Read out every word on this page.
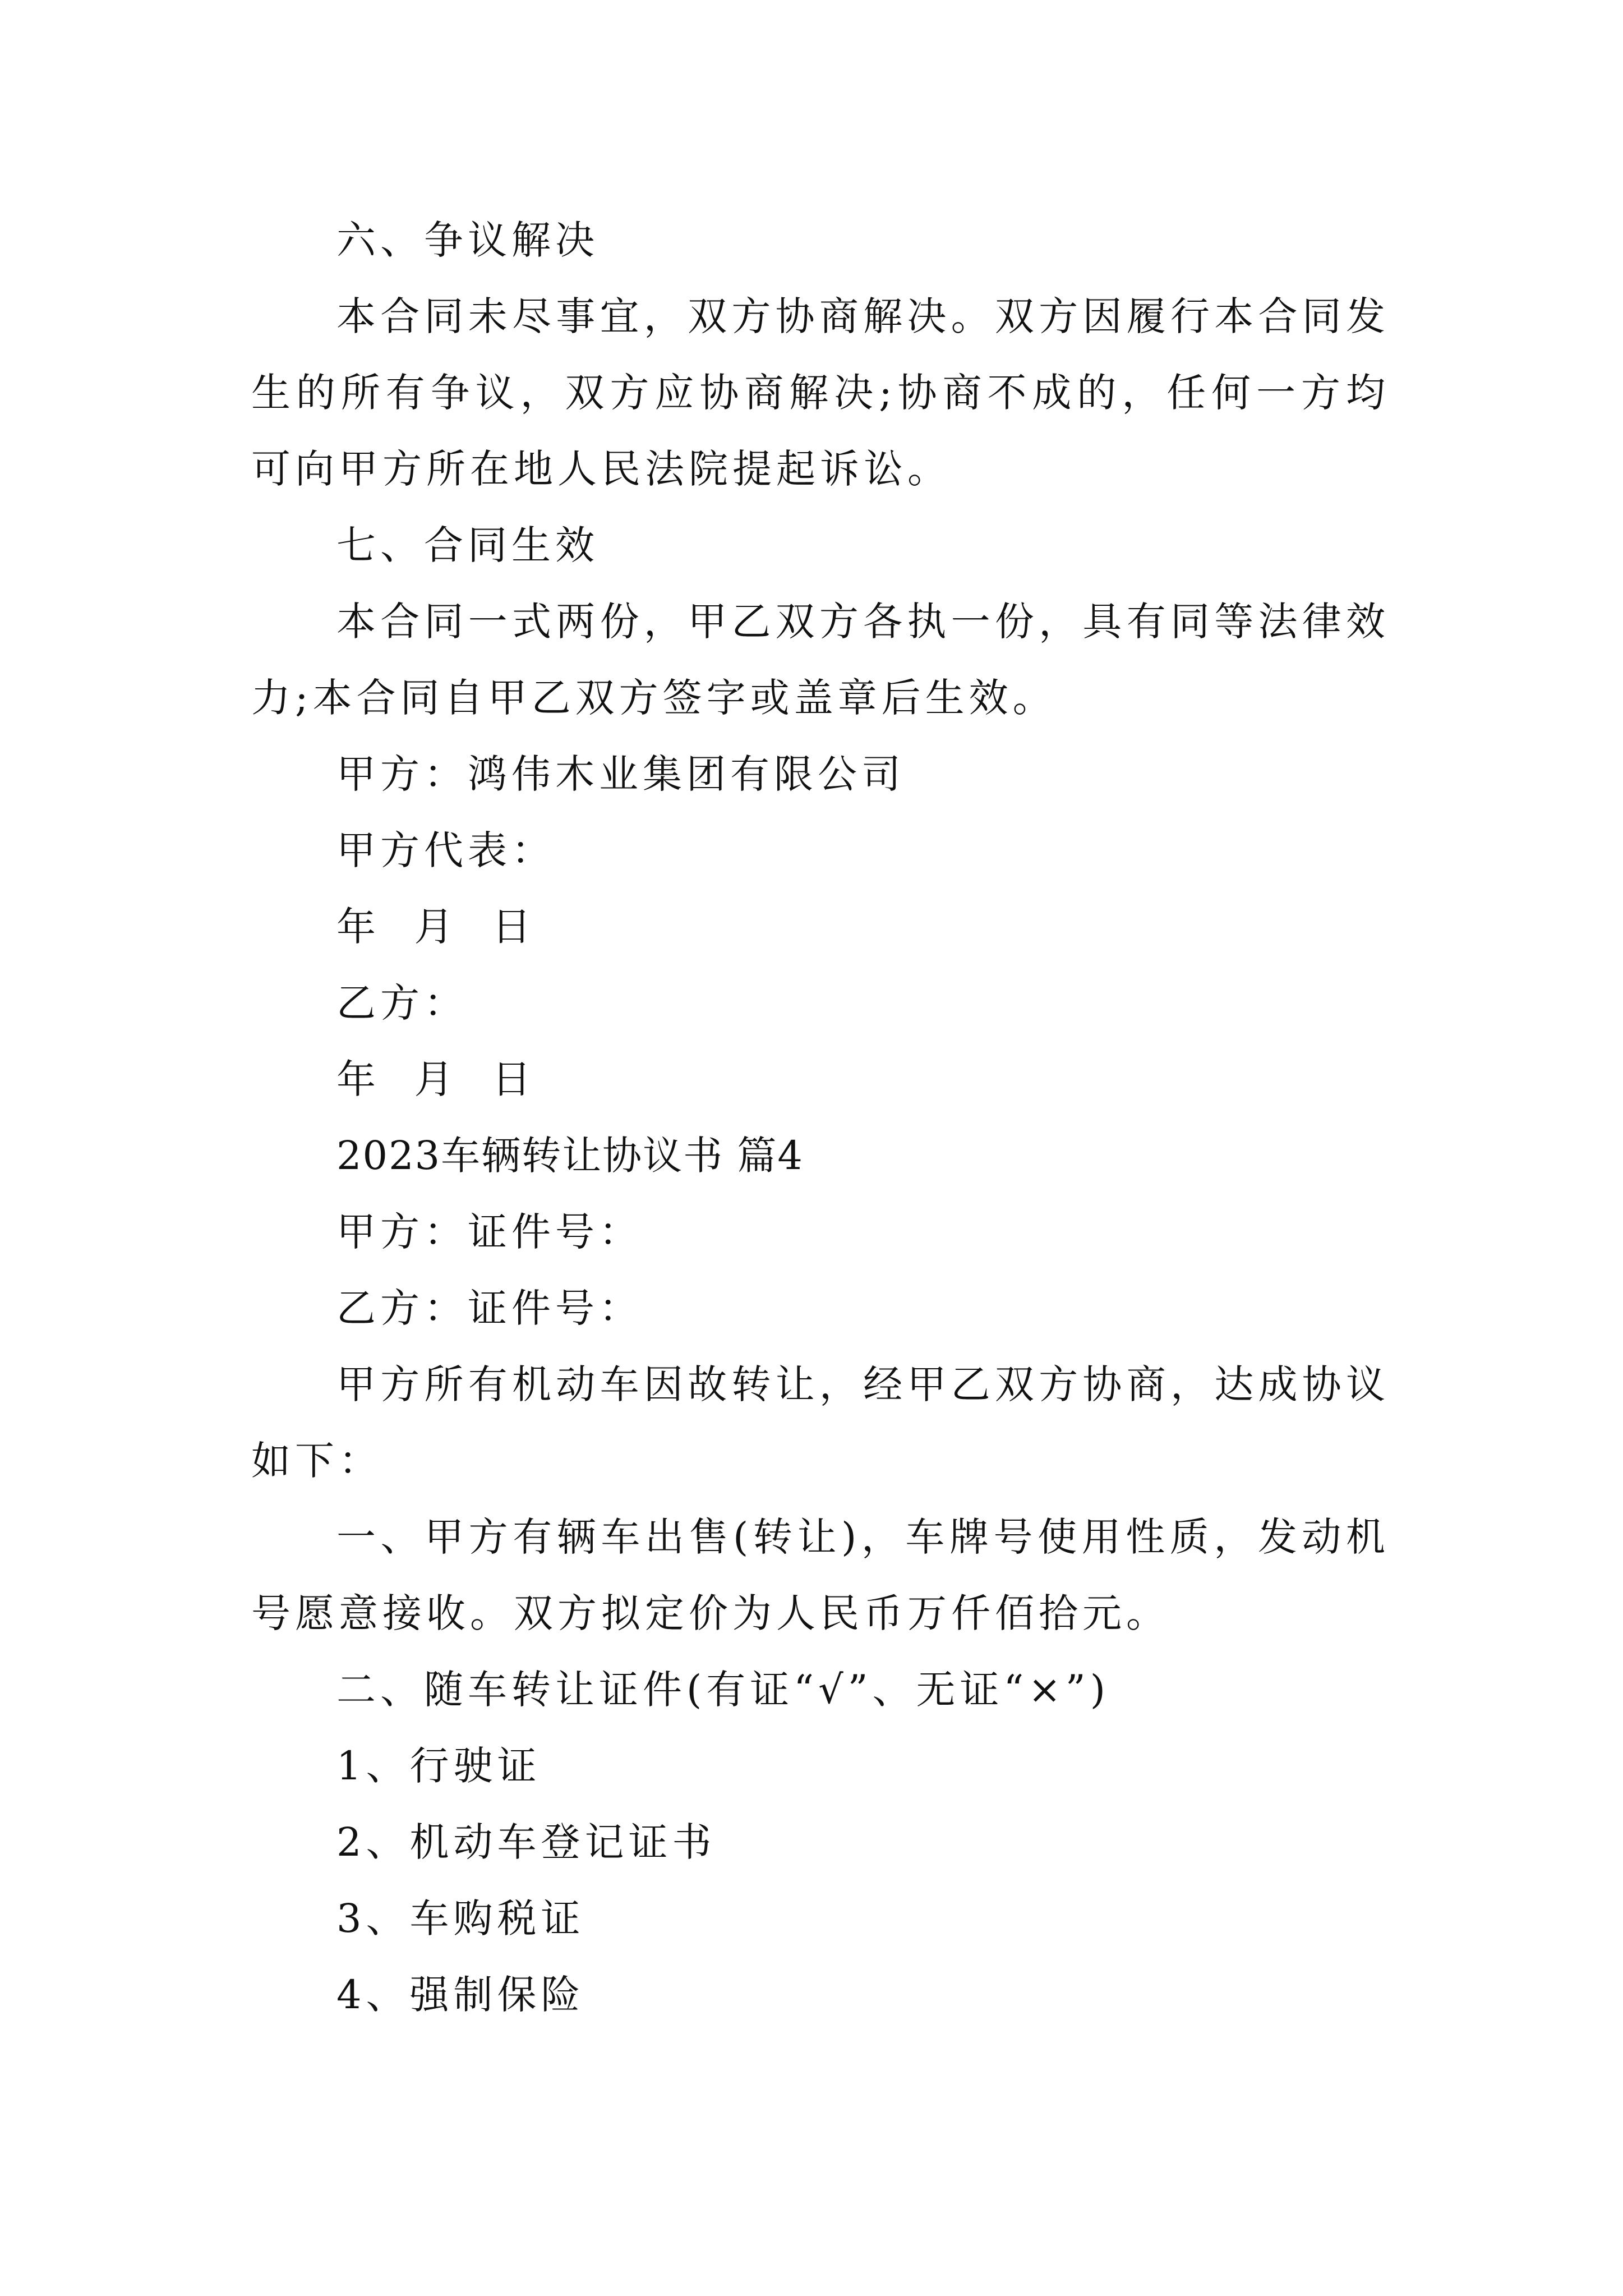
六、争议解决

本合同未尽事宜，双方协商解决。双方因履行本合同发生的所有争议，双方应协商解决;协商不成的，任何一方均可向甲方所在地人民法院提起诉讼。

七、合同生效

本合同一式两份，甲乙双方各执一份，具有同等法律效力;本合同自甲乙双方签字或盖章后生效。

甲方：鸿伟木业集团有限公司

甲方代表：

年  月  日

乙方：

年  月  日

2023车辆转让协议书 篇4

甲方：证件号：

乙方：证件号：

甲方所有机动车因故转让，经甲乙双方协商，达成协议如下：

一、甲方有辆车出售(转让)，车牌号使用性质，发动机号愿意接收。双方拟定价为人民币万仟佰拾元。

二、随车转让证件(有证“√”、无证“×”)

1、行驶证

2、机动车登记证书

3、车购税证

4、强制保险
